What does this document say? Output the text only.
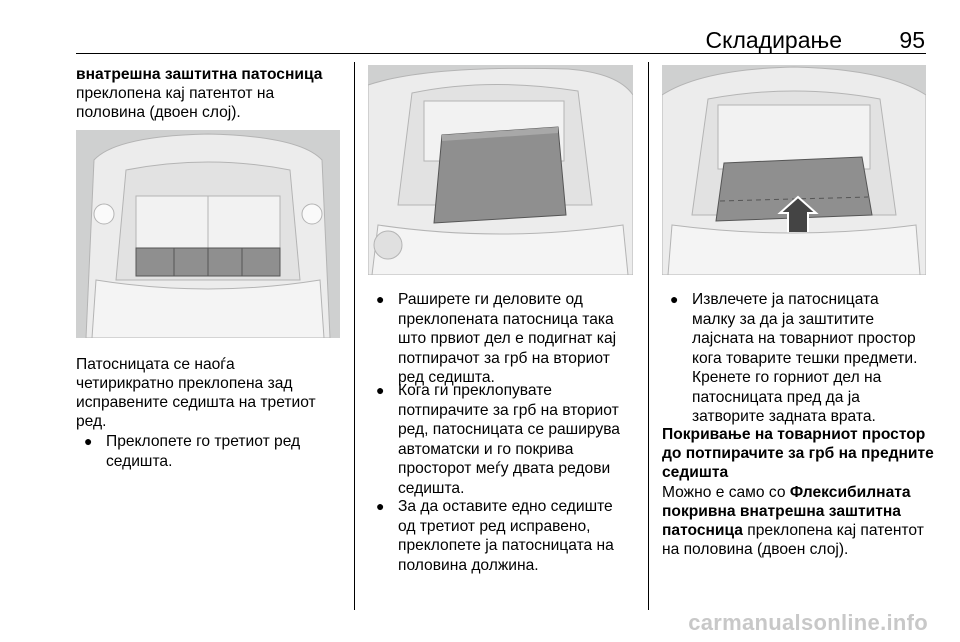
Складирање	95
внатрешна заштитна патосница
преклопена кај патентот на
половина (двоен слој).
Патосницата се наоѓа
четирикратно преклопена зад
исправените седишта на третиот
ред.
● Преклопете го третиот ред
седишта.
● Раширете ги деловите од
преклопената патосница така
што првиот дел е подигнат кај
потпирачот за грб на вториот
ред седишта.
● Кога ги преклопувате
потпирачите за грб на вториот
ред, патосницата се раширува
автоматски и го покрива
просторот меѓу двата редови
седишта.
● За да оставите едно седиште
од третиот ред исправено,
преклопете ја патосницата на
половина должина.
● Извлечете ја патосницата
малку за да ја заштитите
лајсната на товарниот простор
кога товарите тешки предмети.
Кренете го горниот дел на
патосницата пред да ја
затворите задната врата.
Покривање на товарниот простор
до потпирачите за грб на предните
седишта
Можно е само со Флексибилната
покривна внатрешна заштитна
патосница преклопена кај патентот
на половина (двоен слој).
carmanualsonline.info
